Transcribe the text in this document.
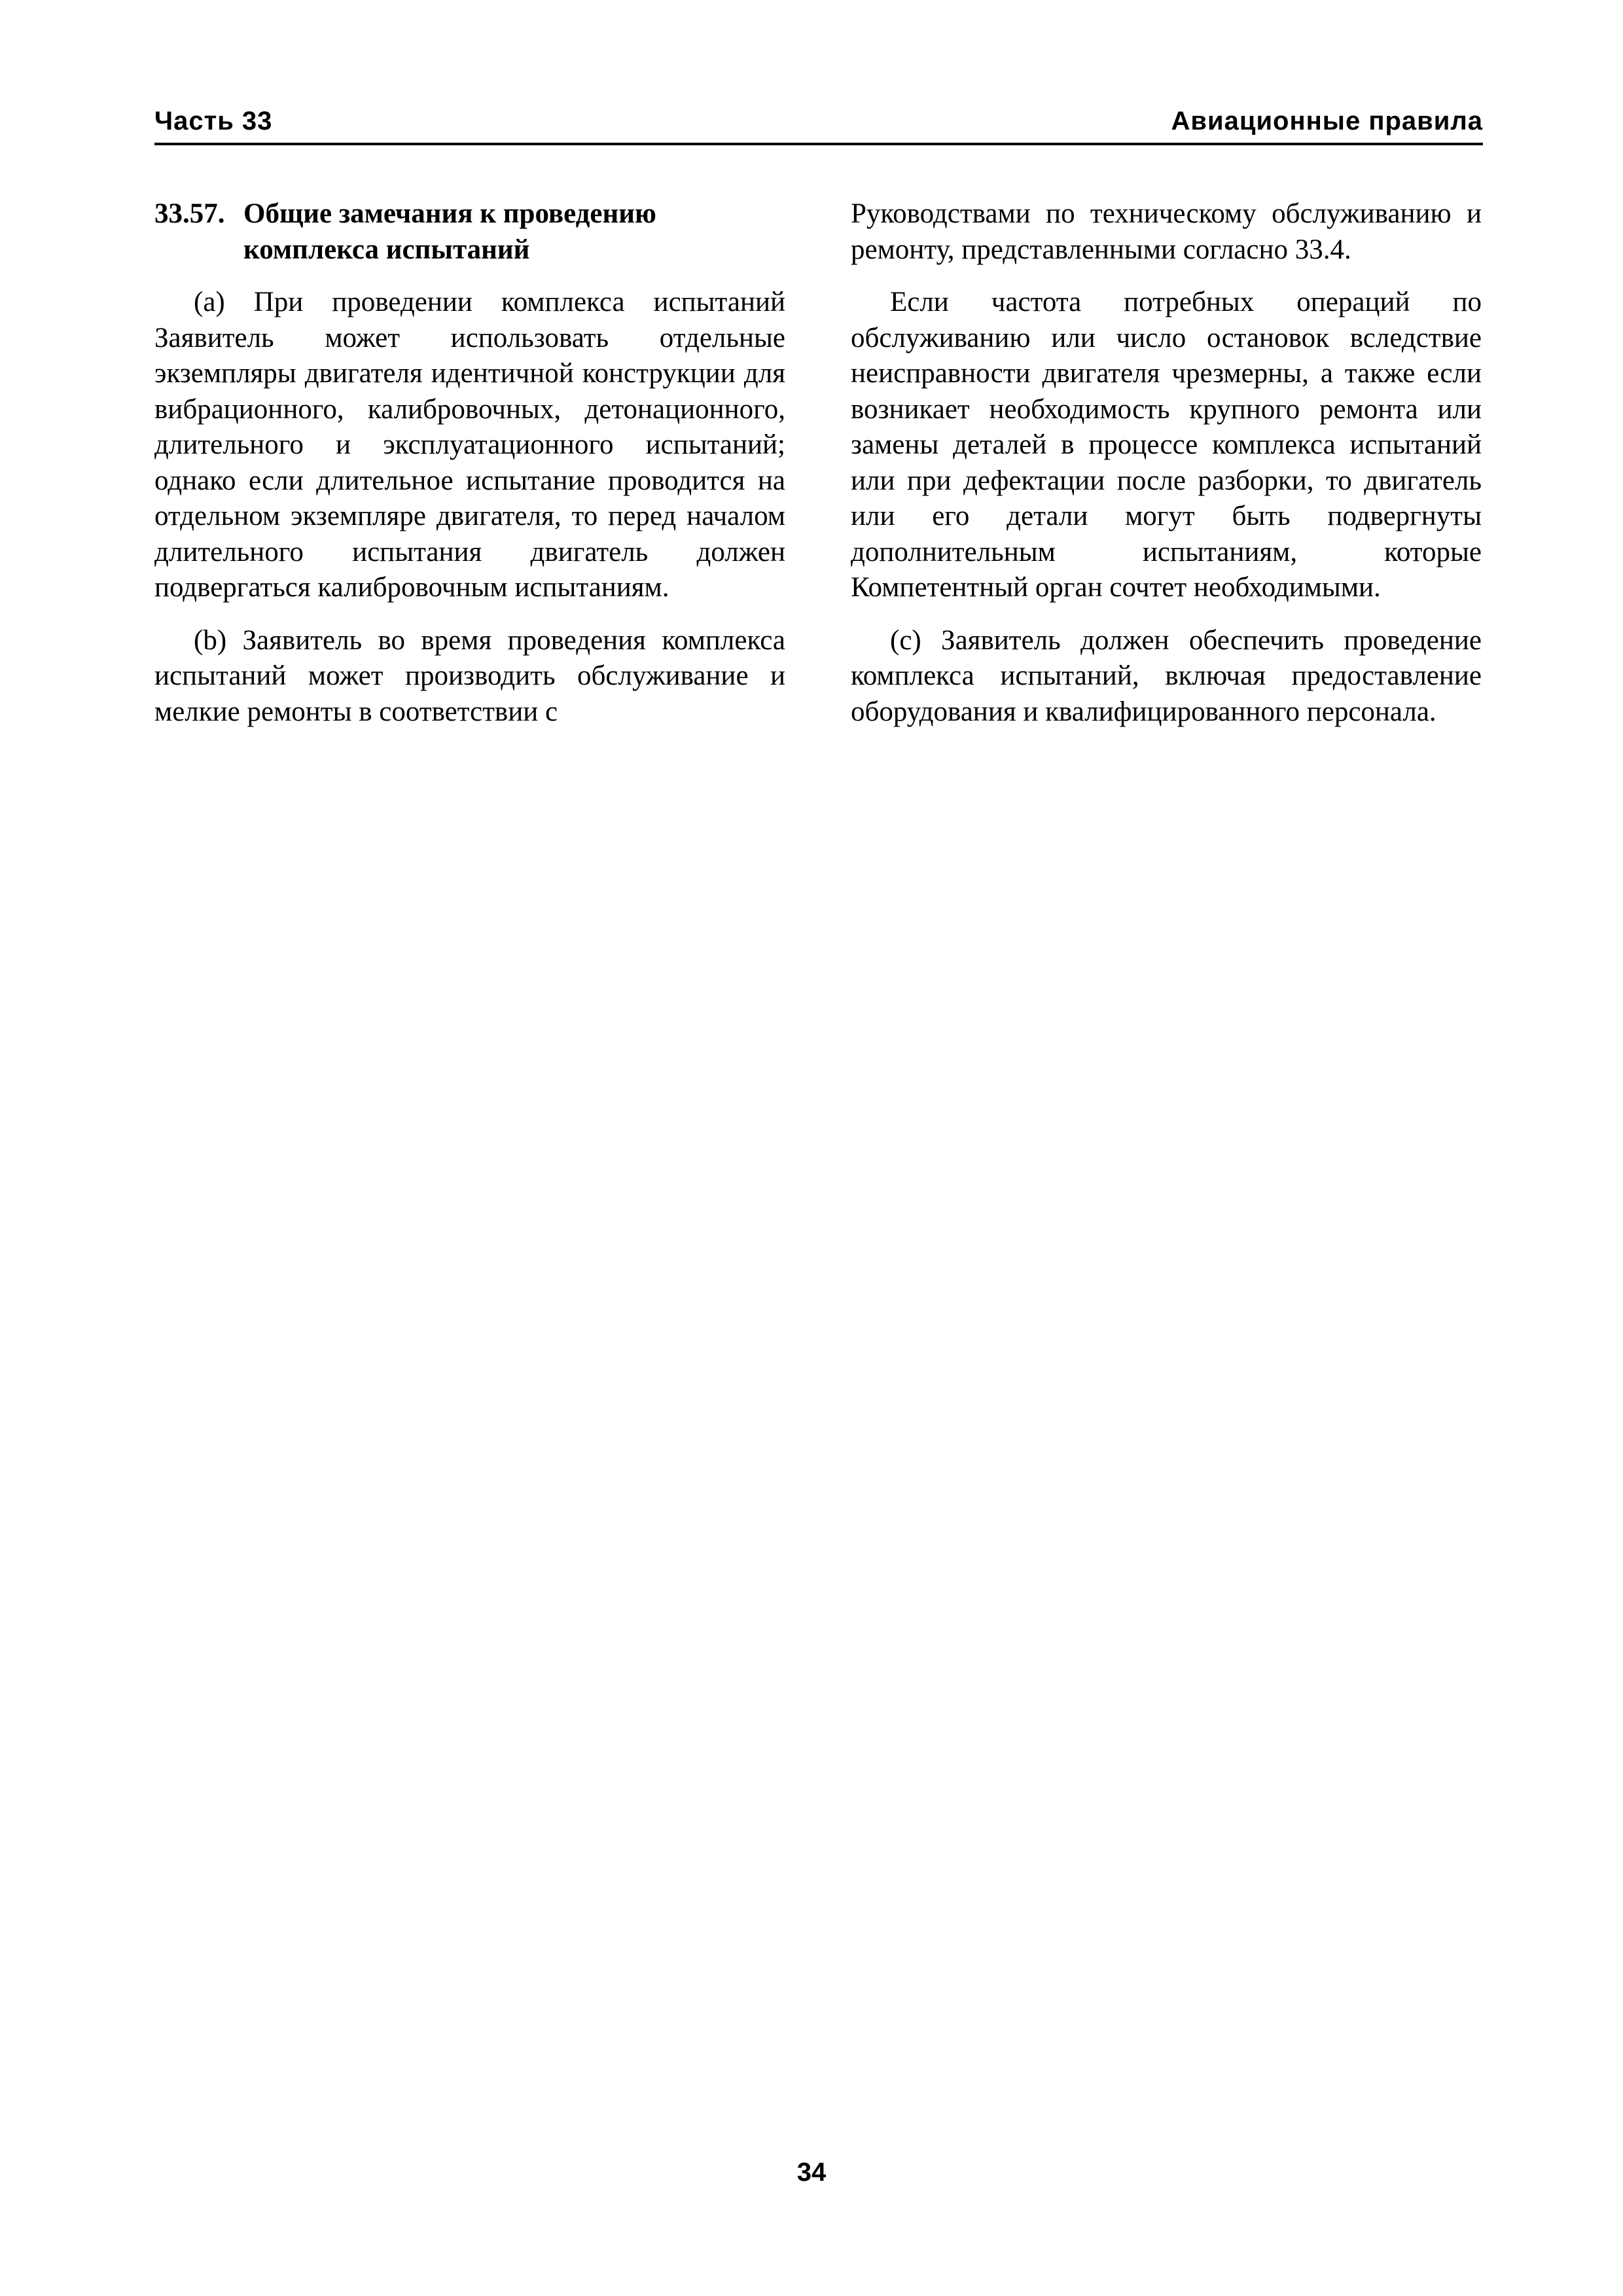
Часть 33	Авиационные правила
33.57. Общие замечания к проведению комплекса испытаний

(a) При проведении комплекса испытаний Заявитель может использовать отдельные экземпляры двигателя идентичной конструкции для вибрационного, калибровочных, детонационного, длительного и эксплуатационного испытаний; однако если длительное испытание проводится на отдельном экземпляре двигателя, то перед началом длительного испытания двигатель должен подвергаться калибровочным испытаниям.

(b) Заявитель во время проведения комплекса испытаний может производить обслуживание и мелкие ремонты в соответствии с

Руководствами по техническому обслуживанию и ремонту, представленными согласно 33.4.

Если частота потребных операций по обслуживанию или число остановок вследствие неисправности двигателя чрезмерны, а также если возникает необходимость крупного ремонта или замены деталей в процессе комплекса испытаний или при дефектации после разборки, то двигатель или его детали могут быть подвергнуты дополнительным испытаниям, которые Компетентный орган сочтет необходимыми.

(c) Заявитель должен обеспечить проведение комплекса испытаний, включая предоставление оборудования и квалифицированного персонала.

34
